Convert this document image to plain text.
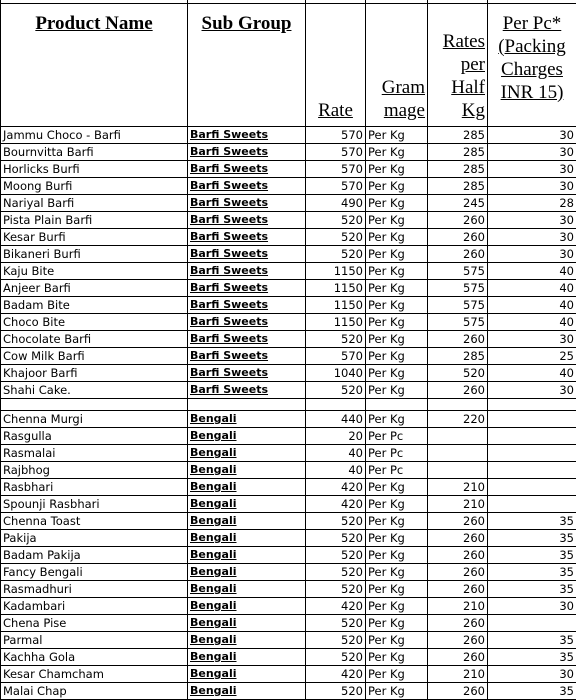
Product Name	Sub Group	Rate	Gram mage	Rates per Half Kg	Per Pc* (Packing Charges INR 15)
Jammu Choco - Barfi	Barfi Sweets	570	Per Kg	285	30
Bournvitta Barfi	Barfi Sweets	570	Per Kg	285	30
Horlicks Burfi	Barfi Sweets	570	Per Kg	285	30
Moong Burfi	Barfi Sweets	570	Per Kg	285	30
Nariyal Barfi	Barfi Sweets	490	Per Kg	245	28
Pista Plain Barfi	Barfi Sweets	520	Per Kg	260	30
Kesar Burfi	Barfi Sweets	520	Per Kg	260	30
Bikaneri Burfi	Barfi Sweets	520	Per Kg	260	30
Kaju Bite	Barfi Sweets	1150	Per Kg	575	40
Anjeer Barfi	Barfi Sweets	1150	Per Kg	575	40
Badam Bite	Barfi Sweets	1150	Per Kg	575	40
Choco Bite	Barfi Sweets	1150	Per Kg	575	40
Chocolate Barfi	Barfi Sweets	520	Per Kg	260	30
Cow Milk Barfi	Barfi Sweets	570	Per Kg	285	25
Khajoor Barfi	Barfi Sweets	1040	Per Kg	520	40
Shahi Cake.	Barfi Sweets	520	Per Kg	260	30

Chenna Murgi	Bengali	440	Per Kg	220	
Rasgulla	Bengali	20	Per Pc		
Rasmalai	Bengali	40	Per Pc		
Rajbhog	Bengali	40	Per Pc		
Rasbhari	Bengali	420	Per Kg	210	
Spounji Rasbhari	Bengali	420	Per Kg	210	
Chenna Toast	Bengali	520	Per Kg	260	35
Pakija	Bengali	520	Per Kg	260	35
Badam Pakija	Bengali	520	Per Kg	260	35
Fancy Bengali	Bengali	520	Per Kg	260	35
Rasmadhuri	Bengali	520	Per Kg	260	35
Kadambari	Bengali	420	Per Kg	210	30
Chena Pise	Bengali	520	Per Kg	260	
Parmal	Bengali	520	Per Kg	260	35
Kachha Gola	Bengali	520	Per Kg	260	35
Kesar Chamcham	Bengali	420	Per Kg	210	30
Malai Chap	Bengali	520	Per Kg	260	35
